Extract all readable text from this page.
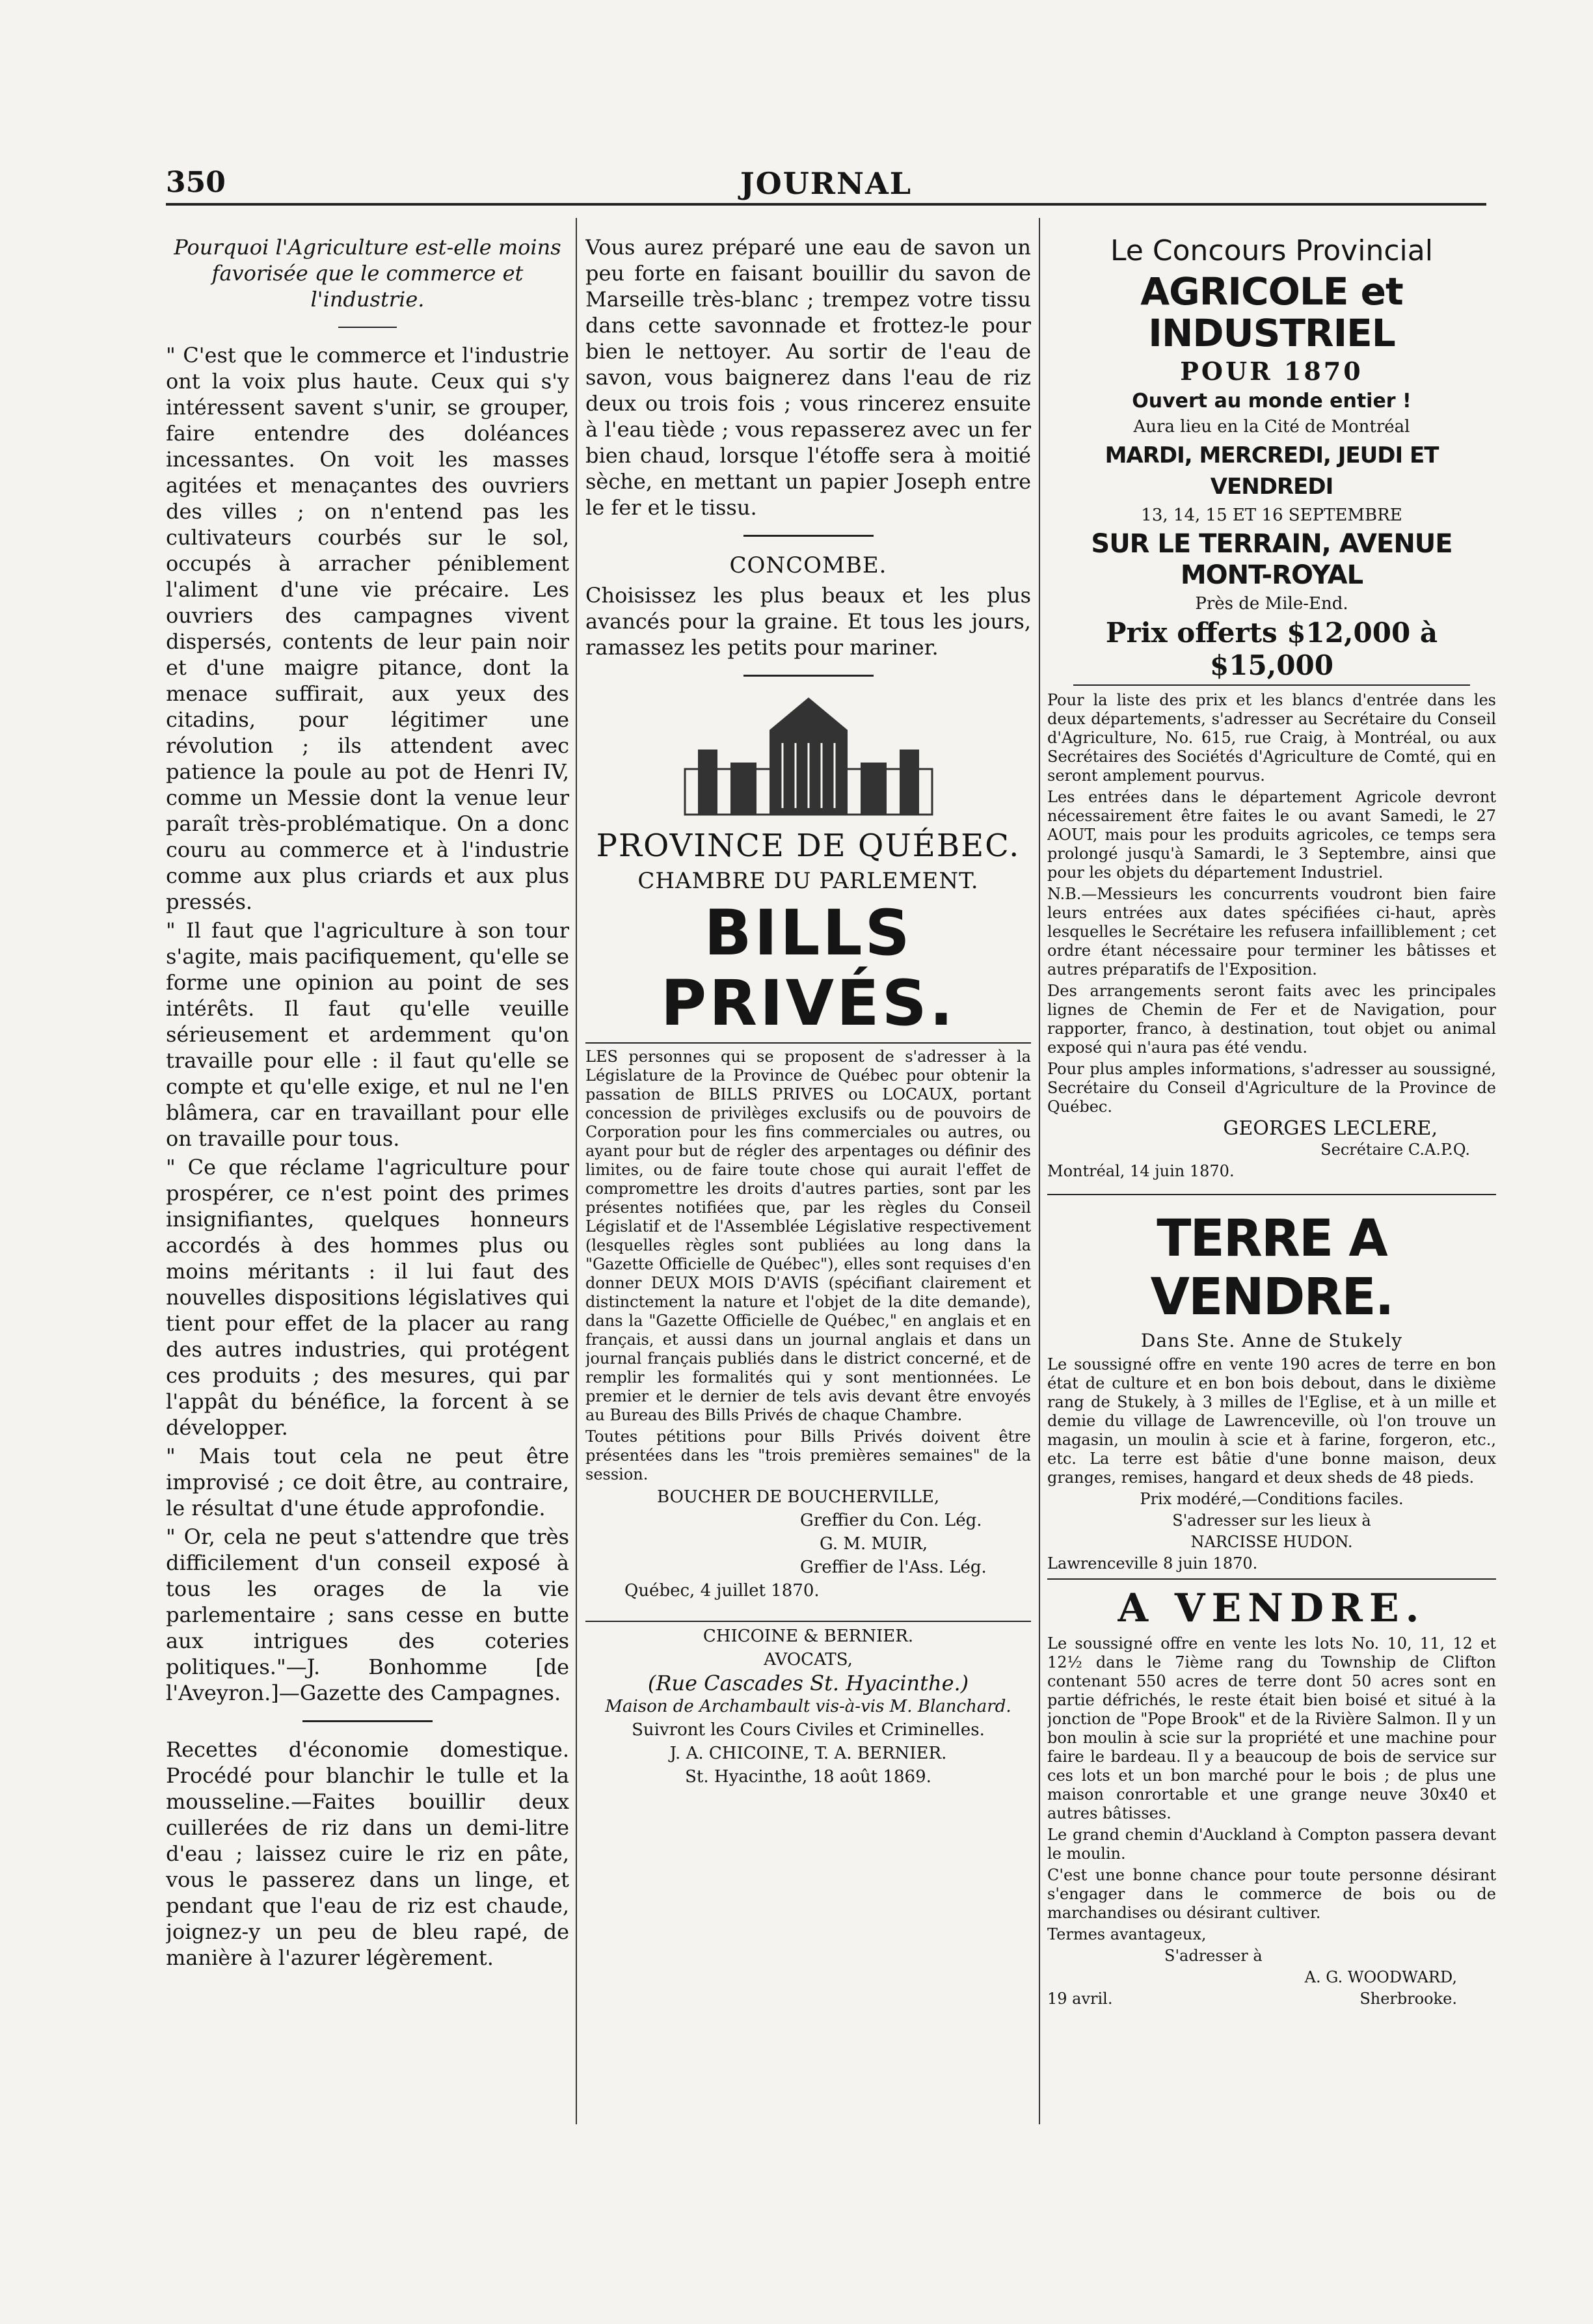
350	JOURNAL

Pourquoi l'Agriculture est-elle moins favorisée que le commerce et l'industrie.

" C'est que le commerce et l'industrie ont la voix plus haute. Ceux qui s'y intéressent savent s'unir, se grouper, faire entendre des doléances incessantes. On voit les masses agitées et menaçantes des ouvriers des villes ; on n'entend pas les cultivateurs courbés sur le sol, occupés à arracher péniblement l'aliment d'une vie précaire. Les ouvriers des campagnes vivent dispersés, contents de leur pain noir et d'une maigre pitance, dont la menace suffirait, aux yeux des citadins, pour légitimer une révolution ; ils attendent avec patience la poule au pot de Henri IV, comme un Messie dont la venue leur paraît très-problématique. On a donc couru au commerce et à l'industrie comme aux plus criards et aux plus pressés.

" Il faut que l'agriculture à son tour s'agite, mais pacifiquement, qu'elle se forme une opinion au point de ses intérêts. Il faut qu'elle veuille sérieusement et ardemment qu'on travaille pour elle : il faut qu'elle se compte et qu'elle exige, et nul ne l'en blâmera, car en travaillant pour elle on travaille pour tous.

" Ce que réclame l'agriculture pour prospérer, ce n'est point des primes insignifiantes, quelques honneurs accordés à des hommes plus ou moins méritants : il lui faut des nouvelles dispositions législatives qui tient pour effet de la placer au rang des autres industries, qui protégent ces produits ; des mesures, qui par l'appât du bénéfice, la forcent à se développer.

" Mais tout cela ne peut être improvisé ; ce doit être, au contraire, le résultat d'une étude approfondie.

" Or, cela ne peut s'attendre que très difficilement d'un conseil exposé à tous les orages de la vie parlementaire ; sans cesse en butte aux intrigues des coteries politiques."—J. Bonhomme [de l'Aveyron.]—Gazette des Campagnes.

Recettes d'économie domestique. Procédé pour blanchir le tulle et la mousseline.—Faites bouillir deux cuillerées de riz dans un demi-litre d'eau ; laissez cuire le riz en pâte, vous le passerez dans un linge, et pendant que l'eau de riz est chaude, joignez-y un peu de bleu rapé, de manière à l'azurer légèrement.

Vous aurez préparé une eau de savon un peu forte en faisant bouillir du savon de Marseille très-blanc ; trempez votre tissu dans cette savonnade et frottez-le pour bien le nettoyer. Au sortir de l'eau de savon, vous baignerez dans l'eau de riz deux ou trois fois ; vous rincerez ensuite à l'eau tiède ; vous repasserez avec un fer bien chaud, lorsque l'étoffe sera à moitié sèche, en mettant un papier Joseph entre le fer et le tissu.

CONCOMBE.

Choisissez les plus beaux et les plus avancés pour la graine. Et tous les jours, ramassez les petits pour mariner.

PROVINCE DE QUÉBEC.

CHAMBRE DU PARLEMENT.

BILLS PRIVÉS.

LES personnes qui se proposent de s'adresser à la Législature de la Province de Québec pour obtenir la passation de BILLS PRIVES ou LOCAUX, portant concession de privilèges exclusifs ou de pouvoirs de Corporation pour les fins commerciales ou autres, ou ayant pour but de régler des arpentages ou définir des limites, ou de faire toute chose qui aurait l'effet de compromettre les droits d'autres parties, sont par les présentes notifiées que, par les règles du Conseil Législatif et de l'Assemblée Législative respectivement (lesquelles règles sont publiées au long dans la "Gazette Officielle de Québec"), elles sont requises d'en donner DEUX MOIS D'AVIS (spécifiant clairement et distinctement la nature et l'objet de la dite demande), dans la "Gazette Officielle de Québec," en anglais et en français, et aussi dans un journal anglais et dans un journal français publiés dans le district concerné, et de remplir les formalités qui y sont mentionnées. Le premier et le dernier de tels avis devant être envoyés au Bureau des Bills Privés de chaque Chambre.

Toutes pétitions pour Bills Privés doivent être présentées dans les "trois premières semaines" de la session.

BOUCHER DE BOUCHERVILLE,

Greffier du Con. Lég.

G. M. MUIR,

Greffier de l'Ass. Lég.

Québec, 4 juillet 1870.

CHICOINE & BERNIER.

AVOCATS,

(Rue Cascades St. Hyacinthe.)

Maison de Archambault vis-à-vis M. Blanchard.

Suivront les Cours Civiles et Criminelles.

J. A. CHICOINE, T. A. BERNIER.

St. Hyacinthe, 18 août 1869.

Le Concours Provincial

AGRICOLE et INDUSTRIEL

POUR 1870

Ouvert au monde entier !

Aura lieu en la Cité de Montréal

MARDI, MERCREDI, JEUDI ET VENDREDI

13, 14, 15 ET 16 SEPTEMBRE

SUR LE TERRAIN, AVENUE MONT-ROYAL

Près de Mile-End.

Prix offerts $12,000 à $15,000

Pour la liste des prix et les blancs d'entrée dans les deux départements, s'adresser au Secrétaire du Conseil d'Agriculture, No. 615, rue Craig, à Montréal, ou aux Secrétaires des Sociétés d'Agriculture de Comté, qui en seront amplement pourvus.

Les entrées dans le département Agricole devront nécessairement être faites le ou avant Samedi, le 27 AOUT, mais pour les produits agricoles, ce temps sera prolongé jusqu'à Samardi, le 3 Septembre, ainsi que pour les objets du département Industriel.

N.B.—Messieurs les concurrents voudront bien faire leurs entrées aux dates spécifiées ci-haut, après lesquelles le Secrétaire les refusera infailliblement ; cet ordre étant nécessaire pour terminer les bâtisses et autres préparatifs de l'Exposition.

Des arrangements seront faits avec les principales lignes de Chemin de Fer et de Navigation, pour rapporter, franco, à destination, tout objet ou animal exposé qui n'aura pas été vendu.

Pour plus amples informations, s'adresser au soussigné, Secrétaire du Conseil d'Agriculture de la Province de Québec.

GEORGES LECLERE,

Secrétaire C.A.P.Q.

Montréal, 14 juin 1870.

TERRE A VENDRE.

Dans Ste. Anne de Stukely

Le soussigné offre en vente 190 acres de terre en bon état de culture et en bon bois debout, dans le dixième rang de Stukely, à 3 milles de l'Eglise, et à un mille et demie du village de Lawrenceville, où l'on trouve un magasin, un moulin à scie et à farine, forgeron, etc., etc. La terre est bâtie d'une bonne maison, deux granges, remises, hangard et deux sheds de 48 pieds.

Prix modéré,—Conditions faciles.

S'adresser sur les lieux à

NARCISSE HUDON.

Lawrenceville 8 juin 1870.

A VENDRE.

Le soussigné offre en vente les lots No. 10, 11, 12 et 12½ dans le 7ième rang du Township de Clifton contenant 550 acres de terre dont 50 acres sont en partie défrichés, le reste était bien boisé et situé à la jonction de "Pope Brook" et de la Rivière Salmon. Il y un bon moulin à scie sur la propriété et une machine pour faire le bardeau. Il y a beaucoup de bois de service sur ces lots et un bon marché pour le bois ; de plus une maison conrortable et une grange neuve 30x40 et autres bâtisses.

Le grand chemin d'Auckland à Compton passera devant le moulin.

C'est une bonne chance pour toute personne désirant s'engager dans le commerce de bois ou de marchandises ou désirant cultiver.

Termes avantageux,

S'adresser à

A. G. WOODWARD,

19 avril.	Sherbrooke.
